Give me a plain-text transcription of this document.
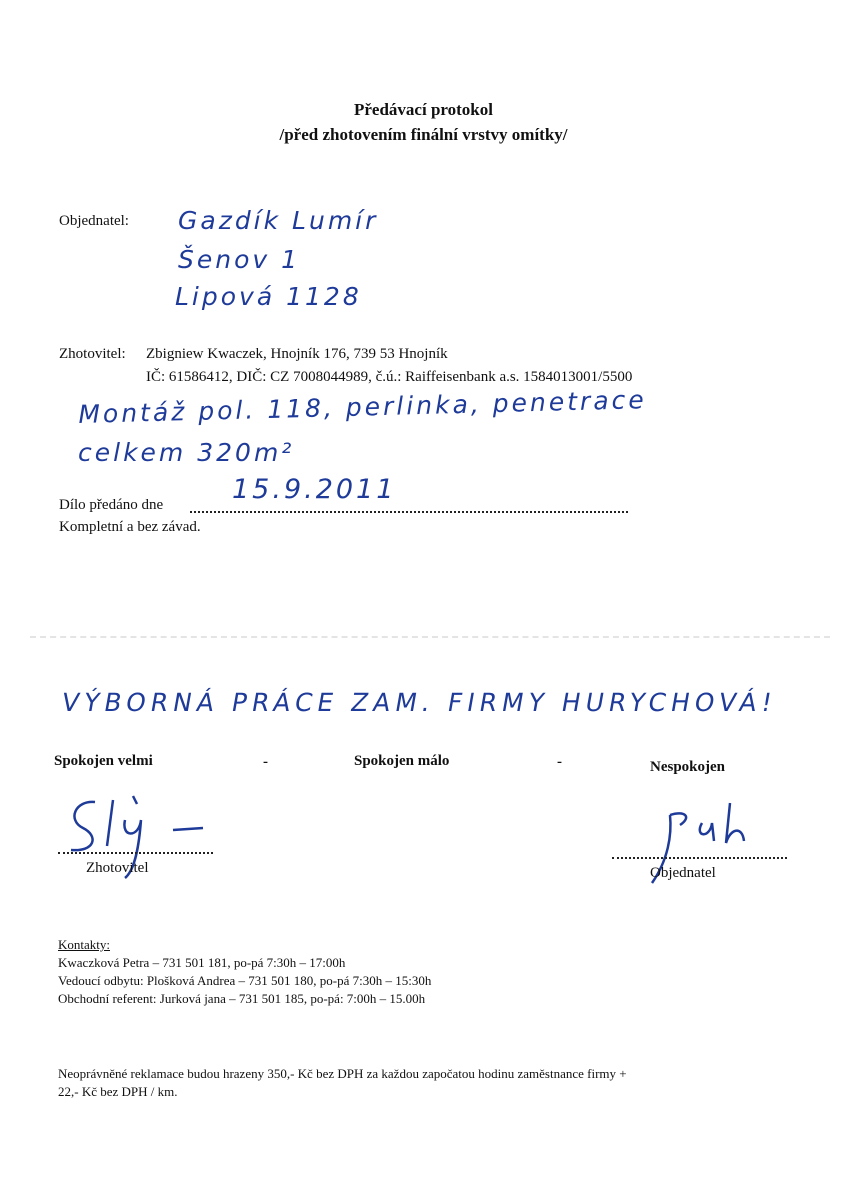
Předávací protokol
/před zhotovením finální vrstvy omítky/
Objednatel: Gazdík Lumír
Šenov 1
Lipová 1128
Zhotovitel: Zbigniew Kwaczek, Hnojník 176, 739 53 Hnojník
IČ: 61586412, DIČ: CZ 7008044989, č.ú.: Raiffeisenbank a.s. 1584013001/5500
Montáž pol. 118, perlinka, penetrace
celkem 320m²
Dílo předáno dne	15.9.2011
Kompletní a bez závad.
VÝBORNÁ PRÁCE ZAM. FIRMY HURYCHOVÁ!
Spokojen velmi	-	Spokojen málo	-	Nespokojen
Zhotovitel	Objednatel
Kontakty:
Kwaczková Petra – 731 501 181, po-pá 7:30h – 17:00h
Vedoucí odbytu: Plošková Andrea – 731 501 180, po-pá 7:30h – 15:30h
Obchodní referent: Jurková jana – 731 501 185, po-pá: 7:00h – 15.00h
Neoprávněné reklamace budou hrazeny 350,- Kč bez DPH za každou započatou hodinu zaměstnance firmy +
22,- Kč bez DPH / km.
